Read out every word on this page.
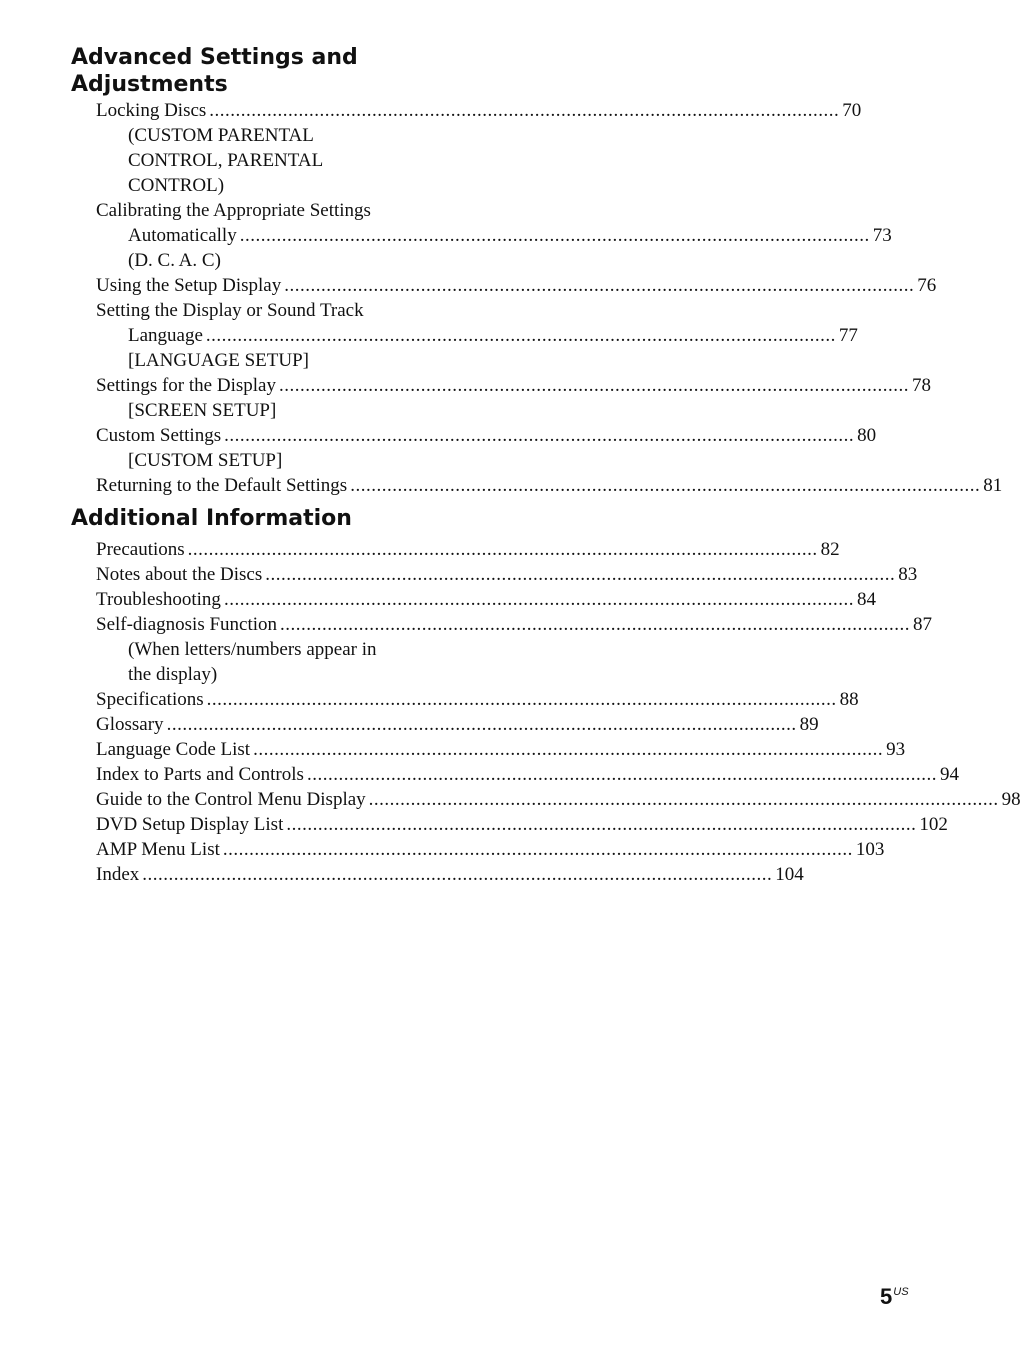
Advanced Settings and Adjustments
Locking Discs ........................................................................................................................ 70
(CUSTOM PARENTAL
CONTROL, PARENTAL
CONTROL)
Calibrating the Appropriate Settings
Automatically ........................................................................................................................ 73
(D. C. A. C)
Using the Setup Display ........................................................................................................................ 76
Setting the Display or Sound Track
Language ........................................................................................................................ 77
[LANGUAGE SETUP]
Settings for the Display ........................................................................................................................ 78
[SCREEN SETUP]
Custom Settings ........................................................................................................................ 80
[CUSTOM SETUP]
Returning to the Default Settings ........................................................................................................................ 81
Additional Information
Precautions ........................................................................................................................ 82
Notes about the Discs ........................................................................................................................ 83
Troubleshooting ........................................................................................................................ 84
Self-diagnosis Function ........................................................................................................................ 87
(When letters/numbers appear in
the display)
Specifications ........................................................................................................................ 88
Glossary ........................................................................................................................ 89
Language Code List ........................................................................................................................ 93
Index to Parts and Controls ........................................................................................................................ 94
Guide to the Control Menu Display ........................................................................................................................ 98
DVD Setup Display List ........................................................................................................................ 102
AMP Menu List ........................................................................................................................ 103
Index ........................................................................................................................ 104
$5^{US}$
